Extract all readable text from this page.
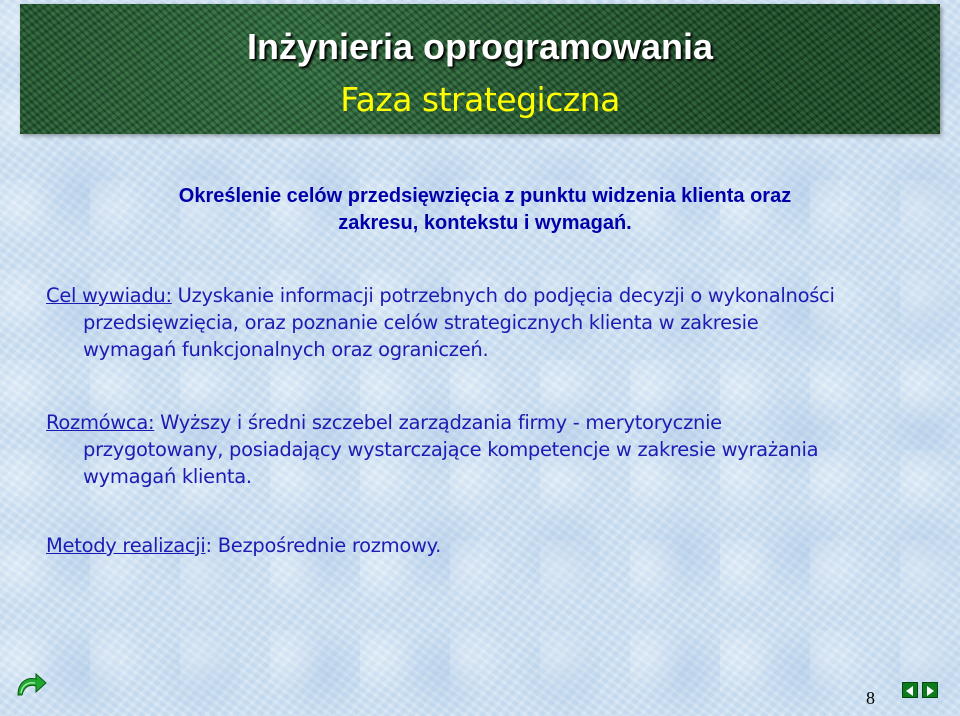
Inżynieria oprogramowania
Faza strategiczna
Określenie celów przedsięwzięcia z punktu widzenia klienta oraz
zakresu, kontekstu i wymagań.
Cel wywiadu: Uzyskanie informacji potrzebnych do podjęcia decyzji o wykonalności
przedsięwzięcia, oraz poznanie celów strategicznych klienta w zakresie
wymagań funkcjonalnych oraz ograniczeń.
Rozmówca: Wyższy i średni szczebel zarządzania firmy - merytorycznie
przygotowany, posiadający wystarczające kompetencje w zakresie wyrażania
wymagań klienta.
Metody realizacji: Bezpośrednie rozmowy.
8
